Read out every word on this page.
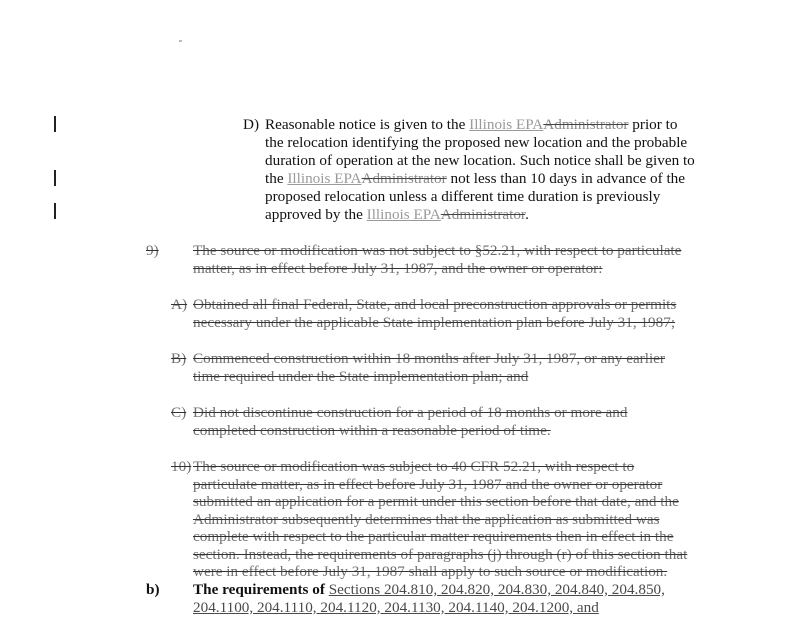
D) Reasonable notice is given to the Illinois EPAAdministrator prior to
the relocation identifying the proposed new location and the probable
duration of operation at the new location. Such notice shall be given to
the Illinois EPAAdministrator not less than 10 days in advance of the
proposed relocation unless a different time duration is previously
approved by the Illinois EPAAdministrator.
9) The source or modification was not subject to §52.21, with respect to particulate
matter, as in effect before July 31, 1987, and the owner or operator:
A) Obtained all final Federal, State, and local preconstruction approvals or permits
necessary under the applicable State implementation plan before July 31, 1987;
B) Commenced construction within 18 months after July 31, 1987, or any earlier
time required under the State implementation plan; and
C) Did not discontinue construction for a period of 18 months or more and
completed construction within a reasonable period of time.
10) The source or modification was subject to 40 CFR 52.21, with respect to
particulate matter, as in effect before July 31, 1987 and the owner or operator
submitted an application for a permit under this section before that date, and the
Administrator subsequently determines that the application as submitted was
complete with respect to the particular matter requirements then in effect in the
section. Instead, the requirements of paragraphs (j) through (r) of this section that
were in effect before July 31, 1987 shall apply to such source or modification.
b) The requirements of Sections 204.810, 204.820, 204.830, 204.840, 204.850,
204.1100, 204.1110, 204.1120, 204.1130, 204.1140, 204.1200, and
